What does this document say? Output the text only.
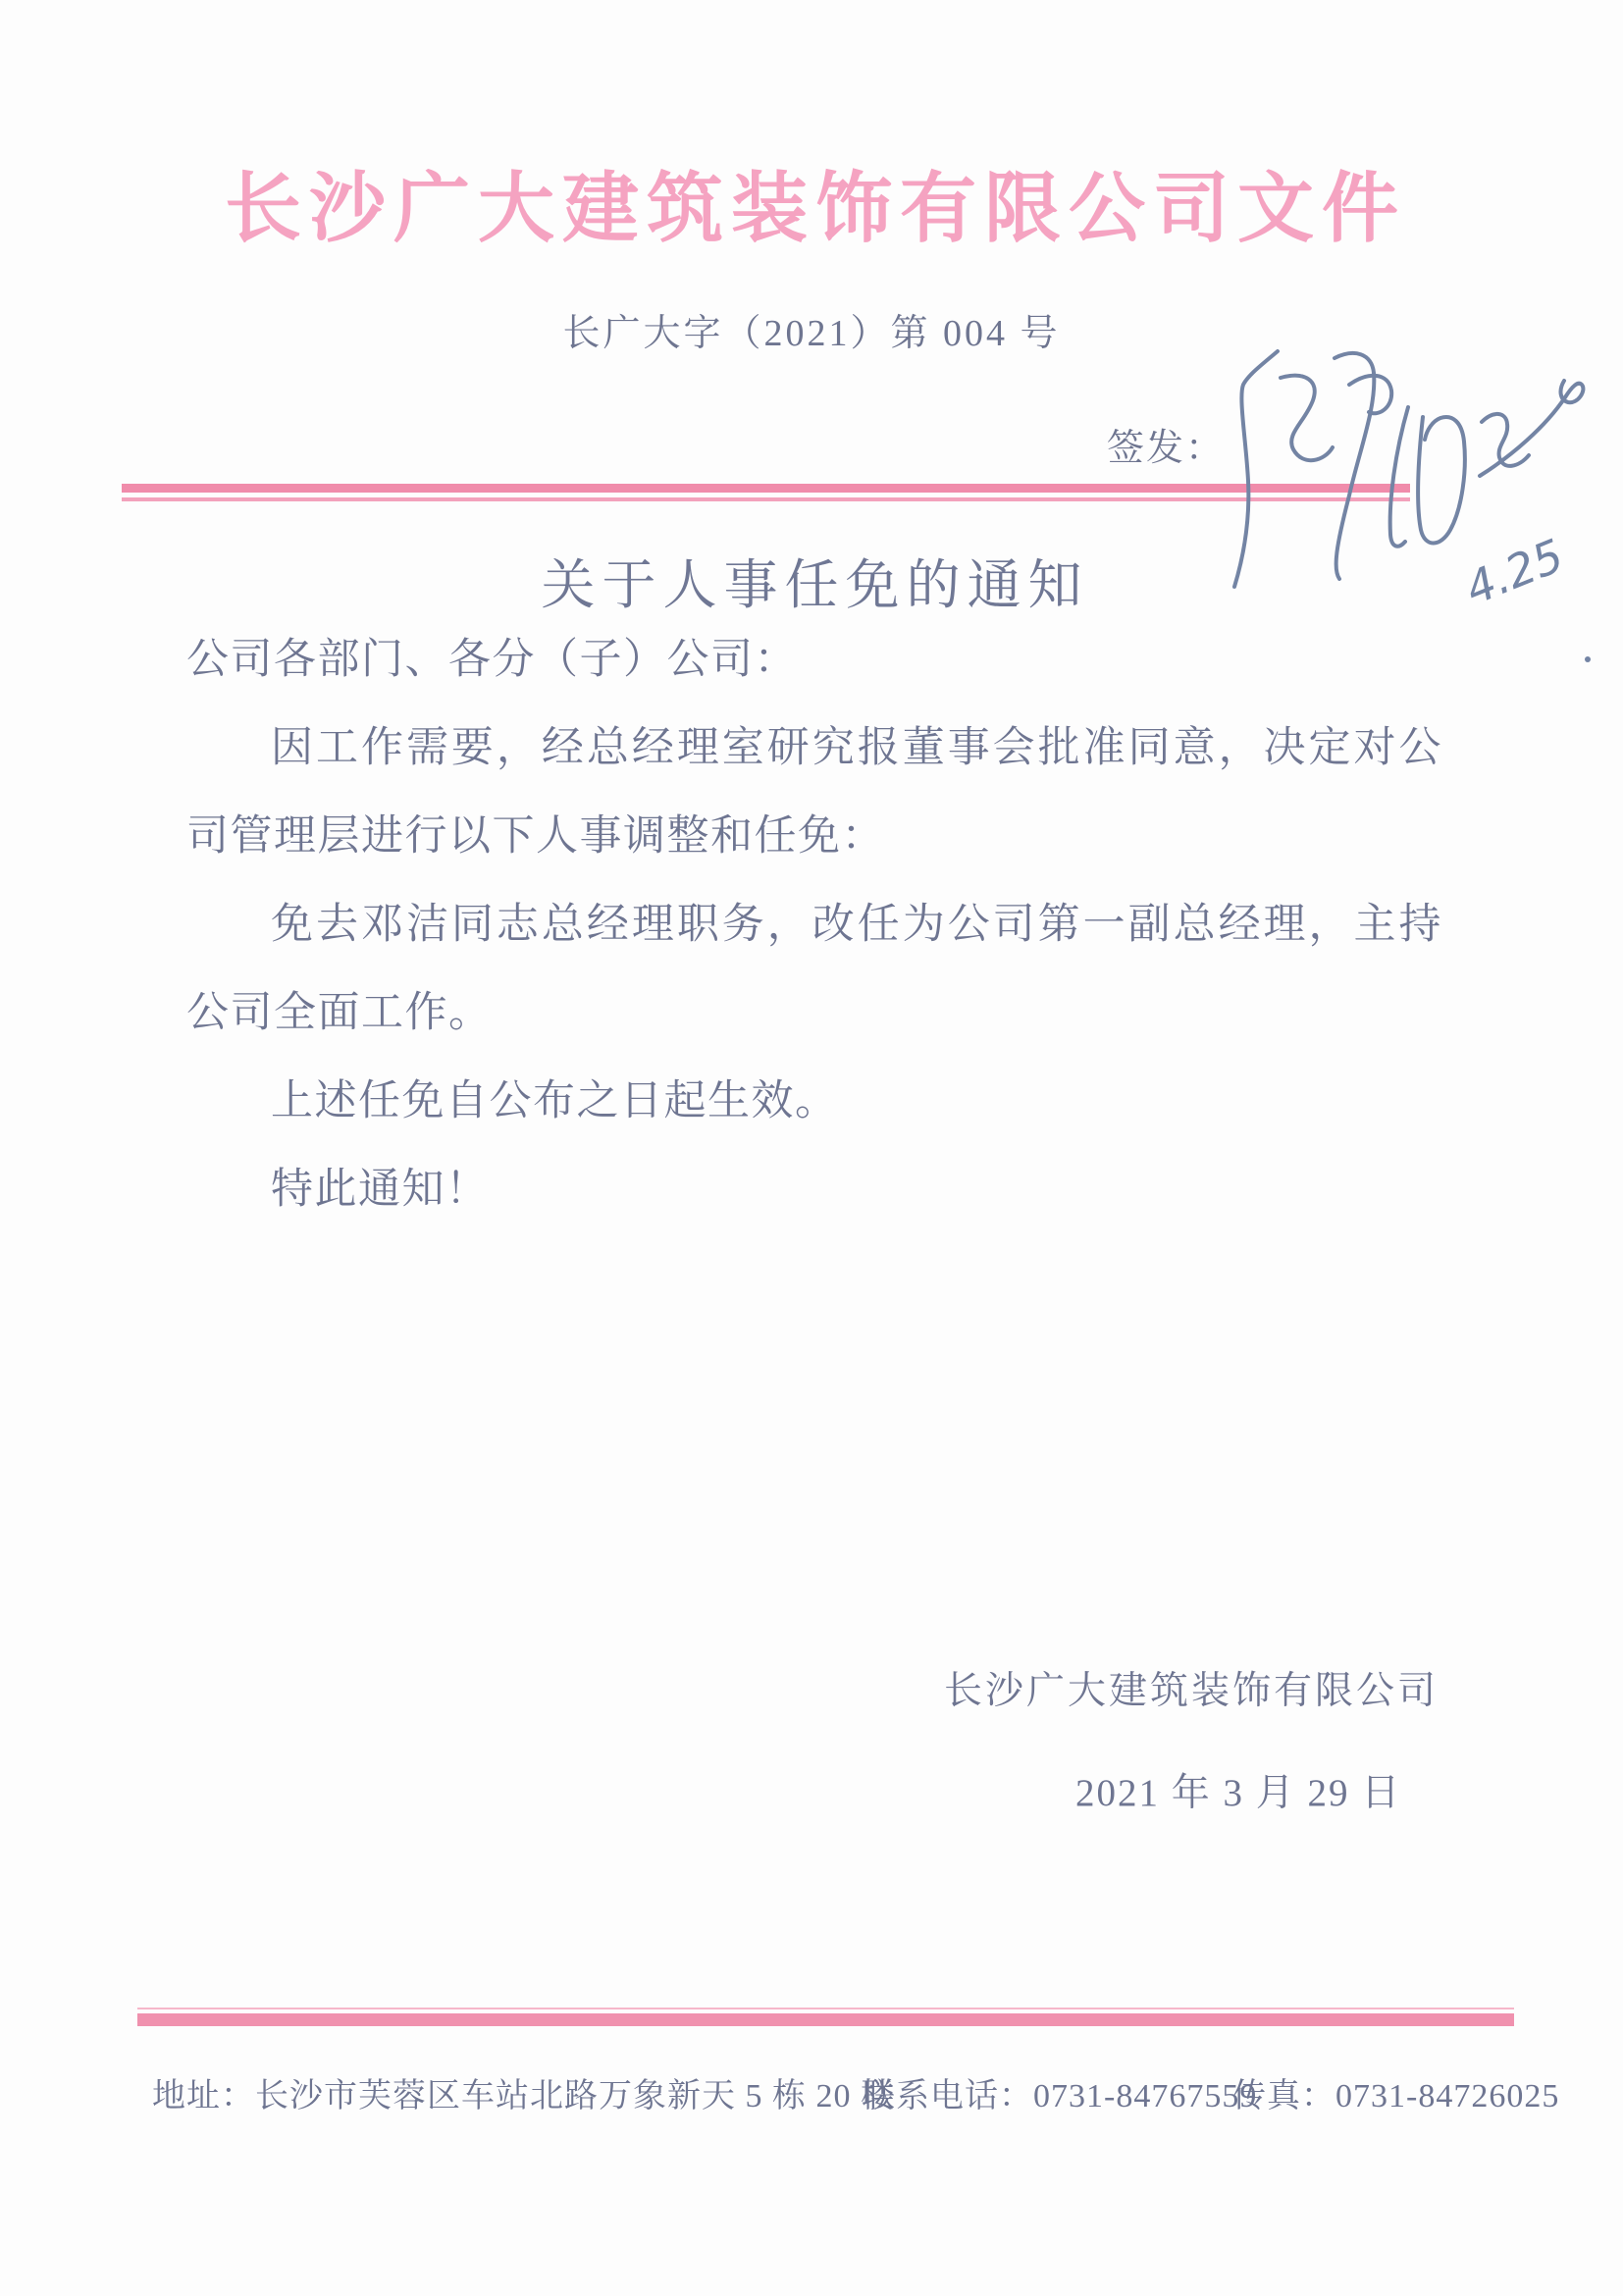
长沙广大建筑装饰有限公司文件
长广大字（2021）第 004 号
签发：
4.25
关于人事任免的通知

公司各部门、各分（子）公司：

因工作需要，经总经理室研究报董事会批准同意，决定对公司管理层进行以下人事调整和任免：

免去邓洁同志总经理职务，改任为公司第一副总经理，主持公司全面工作。

上述任免自公布之日起生效。

特此通知！

长沙广大建筑装饰有限公司
2021 年 3 月 29 日
地址：长沙市芙蓉区车站北路万象新天 5 栋 20 楼
联系电话：0731-84767559
传真：0731-84726025
